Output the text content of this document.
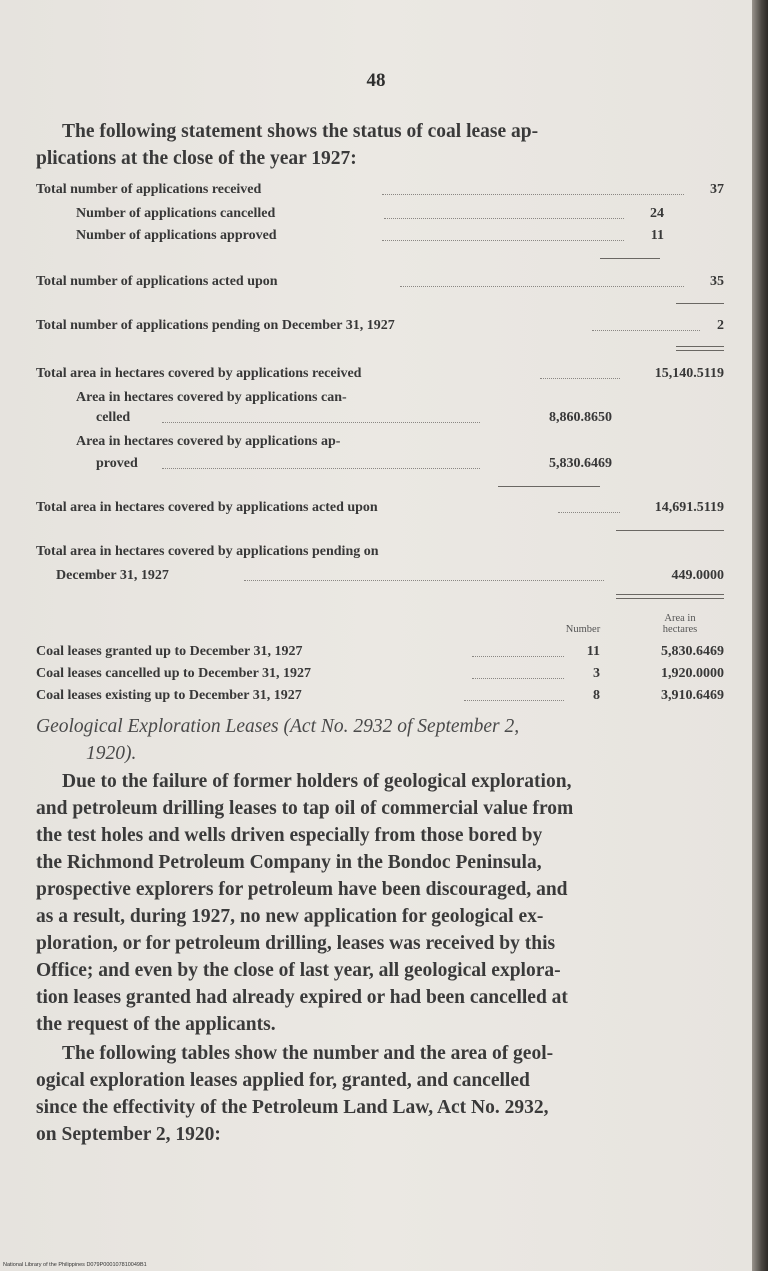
48
The following statement shows the status of coal lease ap-
plications at the close of the year 1927:
Total number of applications received	37
Number of applications cancelled	24
Number of applications approved	11
Total number of applications acted upon	35
Total number of applications pending on December 31, 1927	2
Total area in hectares covered by applications received	15,140.5119
Area in hectares covered by applications can-
celled	8,860.8650
Area in hectares covered by applications ap-
proved	5,830.6469
Total area in hectares covered by applications acted upon	14,691.5119
Total area in hectares covered by applications pending on
December 31, 1927	449.0000
Number
Area in
hectares
Coal leases granted up to December 31, 1927	11	5,830.6469
Coal leases cancelled up to December 31, 1927	3	1,920.0000
Coal leases existing up to December 31, 1927	8	3,910.6469
Geological Exploration Leases (Act No. 2932 of September 2,
1920).
Due to the failure of former holders of geological exploration,
and petroleum drilling leases to tap oil of commercial value from
the test holes and wells driven especially from those bored by
the Richmond Petroleum Company in the Bondoc Peninsula,
prospective explorers for petroleum have been discouraged, and
as a result, during 1927, no new application for geological ex-
ploration, or for petroleum drilling, leases was received by this
Office; and even by the close of last year, all geological explora-
tion leases granted had already expired or had been cancelled at
the request of the applicants.
The following tables show the number and the area of geol-
ogical exploration leases applied for, granted, and cancelled
since the effectivity of the Petroleum Land Law, Act No. 2932,
on September 2, 1920:
National Library of the Philippines D079P000107810049B1
